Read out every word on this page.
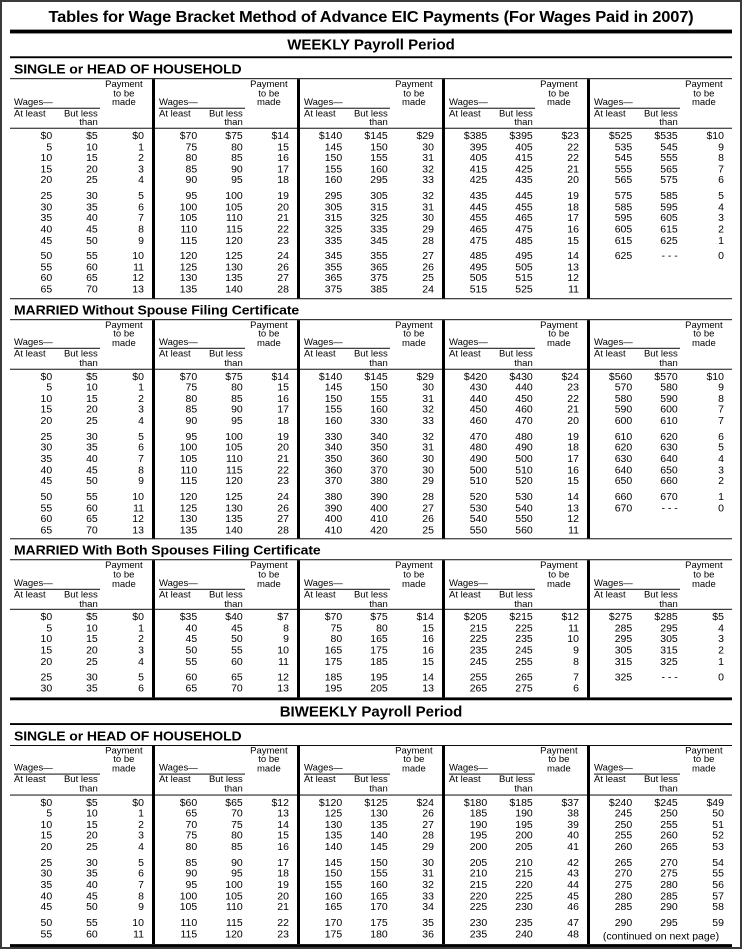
Tables for Wage Bracket Method of Advance EIC Payments (For Wages Paid in 2007)
WEEKLY Payroll Period
SINGLE or HEAD OF HOUSEHOLD
Wages—
Payment
to be
made
At least	But less
than
$0	$5	$0
5	10	1
10	15	2
15	20	3
20	25	4
25	30	5
30	35	6
35	40	7
40	45	8
45	50	9
50	55	10
55	60	11
60	65	12
65	70	13
Wages—
Payment
to be
made
At least	But less
than
$70	$75	$14
75	80	15
80	85	16
85	90	17
90	95	18
95	100	19
100	105	20
105	110	21
110	115	22
115	120	23
120	125	24
125	130	26
130	135	27
135	140	28
Wages—
Payment
to be
made
At least	But less
than
$140	$145	$29
145	150	30
150	155	31
155	160	32
160	295	33
295	305	32
305	315	31
315	325	30
325	335	29
335	345	28
345	355	27
355	365	26
365	375	25
375	385	24
Wages—
Payment
to be
made
At least	But less
than
$385	$395	$23
395	405	22
405	415	22
415	425	21
425	435	20
435	445	19
445	455	18
455	465	17
465	475	16
475	485	15
485	495	14
495	505	13
505	515	12
515	525	11
Wages—
Payment
to be
made
At least	But less
than
$525	$535	$10
535	545	9
545	555	8
555	565	7
565	575	6
575	585	5
585	595	4
595	605	3
605	615	2
615	625	1
625	- - -	0
MARRIED Without Spouse Filing Certificate
Wages—
Payment
to be
made
At least	But less
than
$0	$5	$0
5	10	1
10	15	2
15	20	3
20	25	4
25	30	5
30	35	6
35	40	7
40	45	8
45	50	9
50	55	10
55	60	11
60	65	12
65	70	13
Wages—
Payment
to be
made
At least	But less
than
$70	$75	$14
75	80	15
80	85	16
85	90	17
90	95	18
95	100	19
100	105	20
105	110	21
110	115	22
115	120	23
120	125	24
125	130	26
130	135	27
135	140	28
Wages—
Payment
to be
made
At least	But less
than
$140	$145	$29
145	150	30
150	155	31
155	160	32
160	330	33
330	340	32
340	350	31
350	360	30
360	370	30
370	380	29
380	390	28
390	400	27
400	410	26
410	420	25
Wages—
Payment
to be
made
At least	But less
than
$420	$430	$24
430	440	23
440	450	22
450	460	21
460	470	20
470	480	19
480	490	18
490	500	17
500	510	16
510	520	15
520	530	14
530	540	13
540	550	12
550	560	11
Wages—
Payment
to be
made
At least	But less
than
$560	$570	$10
570	580	9
580	590	8
590	600	7
600	610	7
610	620	6
620	630	5
630	640	4
640	650	3
650	660	2
660	670	1
670	- - -	0
MARRIED With Both Spouses Filing Certificate
Wages—
Payment
to be
made
At least	But less
than
$0	$5	$0
5	10	1
10	15	2
15	20	3
20	25	4
25	30	5
30	35	6
Wages—
Payment
to be
made
At least	But less
than
$35	$40	$7
40	45	8
45	50	9
50	55	10
55	60	11
60	65	12
65	70	13
Wages—
Payment
to be
made
At least	But less
than
$70	$75	$14
75	80	15
80	165	16
165	175	16
175	185	15
185	195	14
195	205	13
Wages—
Payment
to be
made
At least	But less
than
$205	$215	$12
215	225	11
225	235	10
235	245	9
245	255	8
255	265	7
265	275	6
Wages—
Payment
to be
made
At least	But less
than
$275	$285	$5
285	295	4
295	305	3
305	315	2
315	325	1
325	- - -	0
BIWEEKLY Payroll Period
SINGLE or HEAD OF HOUSEHOLD
Wages—
Payment
to be
made
At least	But less
than
$0	$5	$0
5	10	1
10	15	2
15	20	3
20	25	4
25	30	5
30	35	6
35	40	7
40	45	8
45	50	9
50	55	10
55	60	11
Wages—
Payment
to be
made
At least	But less
than
$60	$65	$12
65	70	13
70	75	14
75	80	15
80	85	16
85	90	17
90	95	18
95	100	19
100	105	20
105	110	21
110	115	22
115	120	23
Wages—
Payment
to be
made
At least	But less
than
$120	$125	$24
125	130	26
130	135	27
135	140	28
140	145	29
145	150	30
150	155	31
155	160	32
160	165	33
165	170	34
170	175	35
175	180	36
Wages—
Payment
to be
made
At least	But less
than
$180	$185	$37
185	190	38
190	195	39
195	200	40
200	205	41
205	210	42
210	215	43
215	220	44
220	225	45
225	230	46
230	235	47
235	240	48
Wages—
Payment
to be
made
At least	But less
than
$240	$245	$49
245	250	50
250	255	51
255	260	52
260	265	53
265	270	54
270	275	55
275	280	56
280	285	57
285	290	58
290	295	59
(continued on next page)
